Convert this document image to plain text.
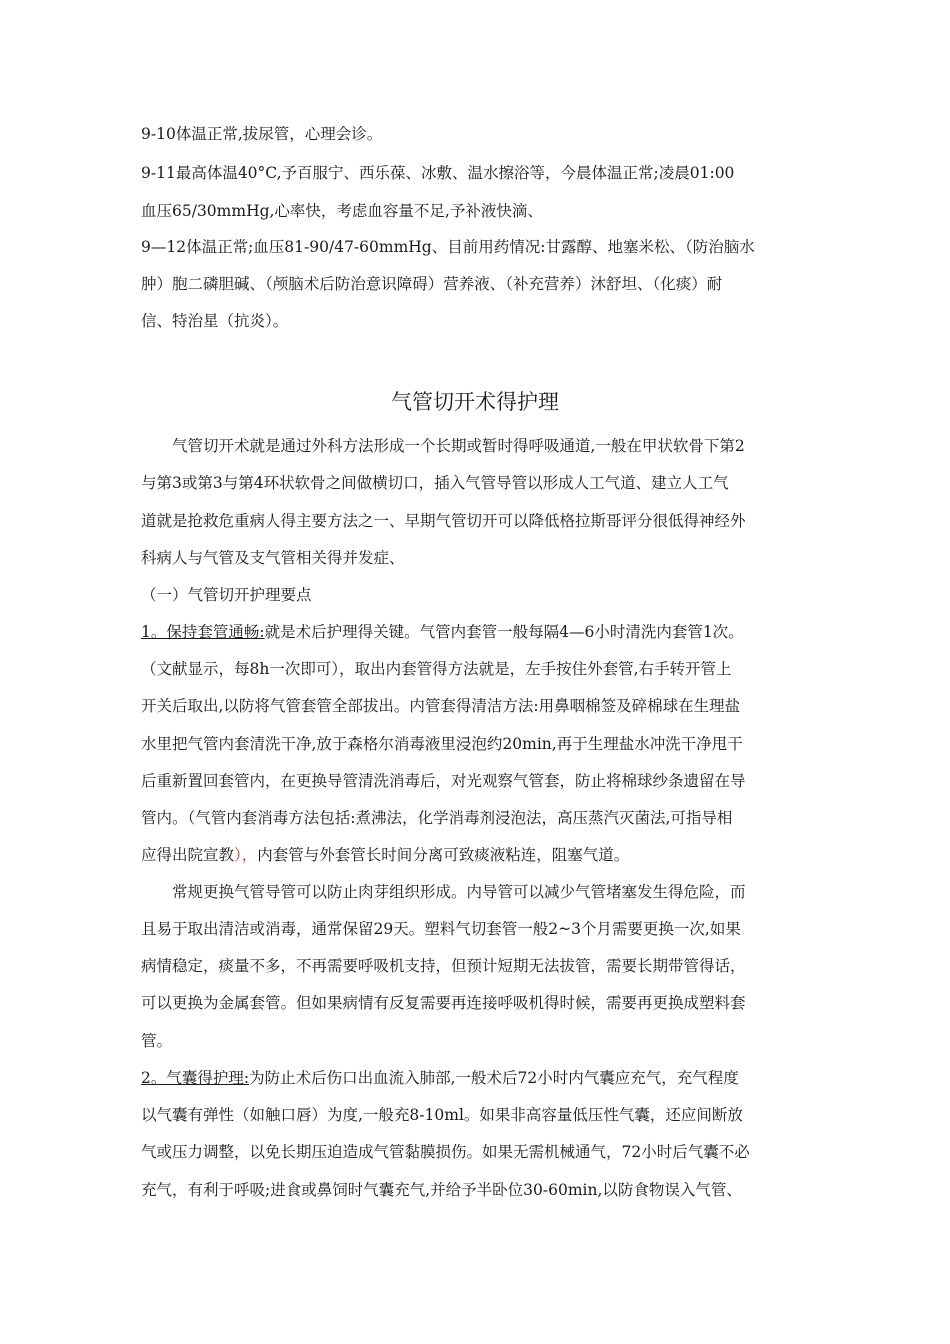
9-10体温正常,拔尿管，心理会诊。

9-11最高体温40°C,予百服宁、西乐葆、冰敷、温水擦浴等，今晨体温正常;凌晨01:00

血压65/30mmHg,心率快，考虑血容量不足,予补液快滴、

9—12体温正常;血压81-90/47-60mmHg、目前用药情况:甘露醇、地塞米松、（防治脑水

肿）胞二磷胆碱、（颅脑术后防治意识障碍）营养液、（补充营养）沐舒坦、（化痰）耐

信、特治星（抗炎）。

气管切开术得护理

气管切开术就是通过外科方法形成一个长期或暂时得呼吸通道,一般在甲状软骨下第2

与第3或第3与第4环状软骨之间做横切口，插入气管导管以形成人工气道、建立人工气

道就是抢救危重病人得主要方法之一、早期气管切开可以降低格拉斯哥评分很低得神经外

科病人与气管及支气管相关得并发症、

（一）气管切开护理要点

1。保持套管通畅:就是术后护理得关键。气管内套管一般每隔4—6小时清洗内套管1次。

（文献显示，每8h一次即可），取出内套管得方法就是，左手按住外套管,右手转开管上

开关后取出,以防将气管套管全部拔出。内管套得清洁方法:用鼻咽棉签及碎棉球在生理盐

水里把气管内套清洗干净,放于森格尔消毒液里浸泡约20min,再于生理盐水冲洗干净甩干

后重新置回套管内，在更换导管清洗消毒后，对光观察气管套，防止将棉球纱条遗留在导

管内。（气管内套消毒方法包括:煮沸法，化学消毒剂浸泡法，高压蒸汽灭菌法,可指导相

应得出院宣教），内套管与外套管长时间分离可致痰液粘连，阻塞气道。

常规更换气管导管可以防止肉芽组织形成。内导管可以减少气管堵塞发生得危险，而

且易于取出清洁或消毒，通常保留29天。塑料气切套管一般2~3个月需要更换一次,如果

病情稳定，痰量不多，不再需要呼吸机支持，但预计短期无法拔管，需要长期带管得话，

可以更换为金属套管。但如果病情有反复需要再连接呼吸机得时候，需要再更换成塑料套

管。

2。气囊得护理:为防止术后伤口出血流入肺部,一般术后72小时内气囊应充气，充气程度

以气囊有弹性（如触口唇）为度,一般充8-10ml。如果非高容量低压性气囊，还应间断放

气或压力调整，以免长期压迫造成气管黏膜损伤。如果无需机械通气，72小时后气囊不必

充气，有利于呼吸;进食或鼻饲时气囊充气,并给予半卧位30-60min,以防食物误入气管、
